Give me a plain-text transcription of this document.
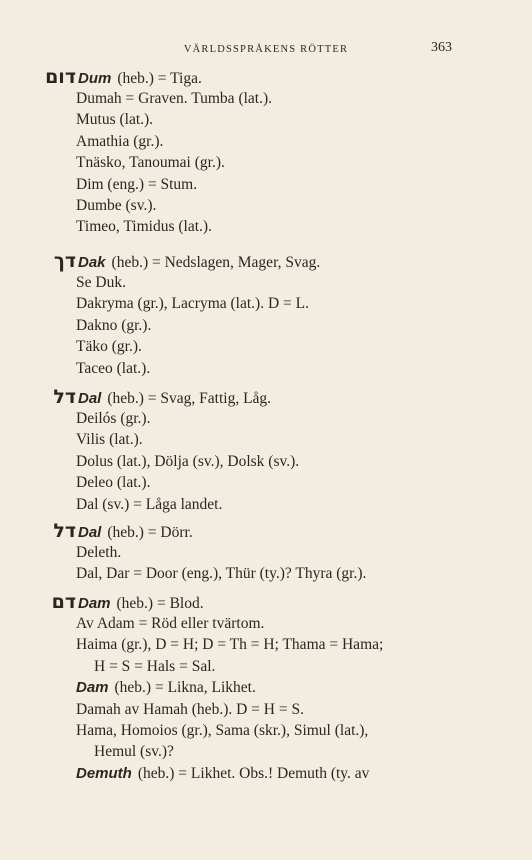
VÄRLDSSPRÅKENS RÖTTER	363
דום Dum (heb.) = Tiga.
Dumah = Graven. Tumba (lat.).
Mutus (lat.).
Amathia (gr.).
Tnäsko, Tanoumai (gr.).
Dim (eng.) = Stum.
Dumbe (sv.).
Timeo, Timidus (lat.).
דך Dak (heb.) = Nedslagen, Mager, Svag.
Se Duk.
Dakryma (gr.), Lacryma (lat.). D = L.
Dakno (gr.).
Täko (gr.).
Taceo (lat.).
דל Dal (heb.) = Svag, Fattig, Låg.
Deilós (gr.).
Vilis (lat.).
Dolus (lat.), Dölja (sv.), Dolsk (sv.).
Deleo (lat.).
Dal (sv.) = Låga landet.
דל Dal (heb.) = Dörr.
Deleth.
Dal, Dar = Door (eng.), Thür (ty.)? Thyra (gr.).
דם Dam (heb.) = Blod.
Av Adam = Röd eller tvärtom.
Haima (gr.), D = H; D = Th = H; Thama = Hama;
H = S = Hals = Sal.
Dam (heb.) = Likna, Likhet.
Damah av Hamah (heb.). D = H = S.
Hama, Homoios (gr.), Sama (skr.), Simul (lat.),
Hemul (sv.)?
Demuth (heb.) = Likhet. Obs.! Demuth (ty. av
